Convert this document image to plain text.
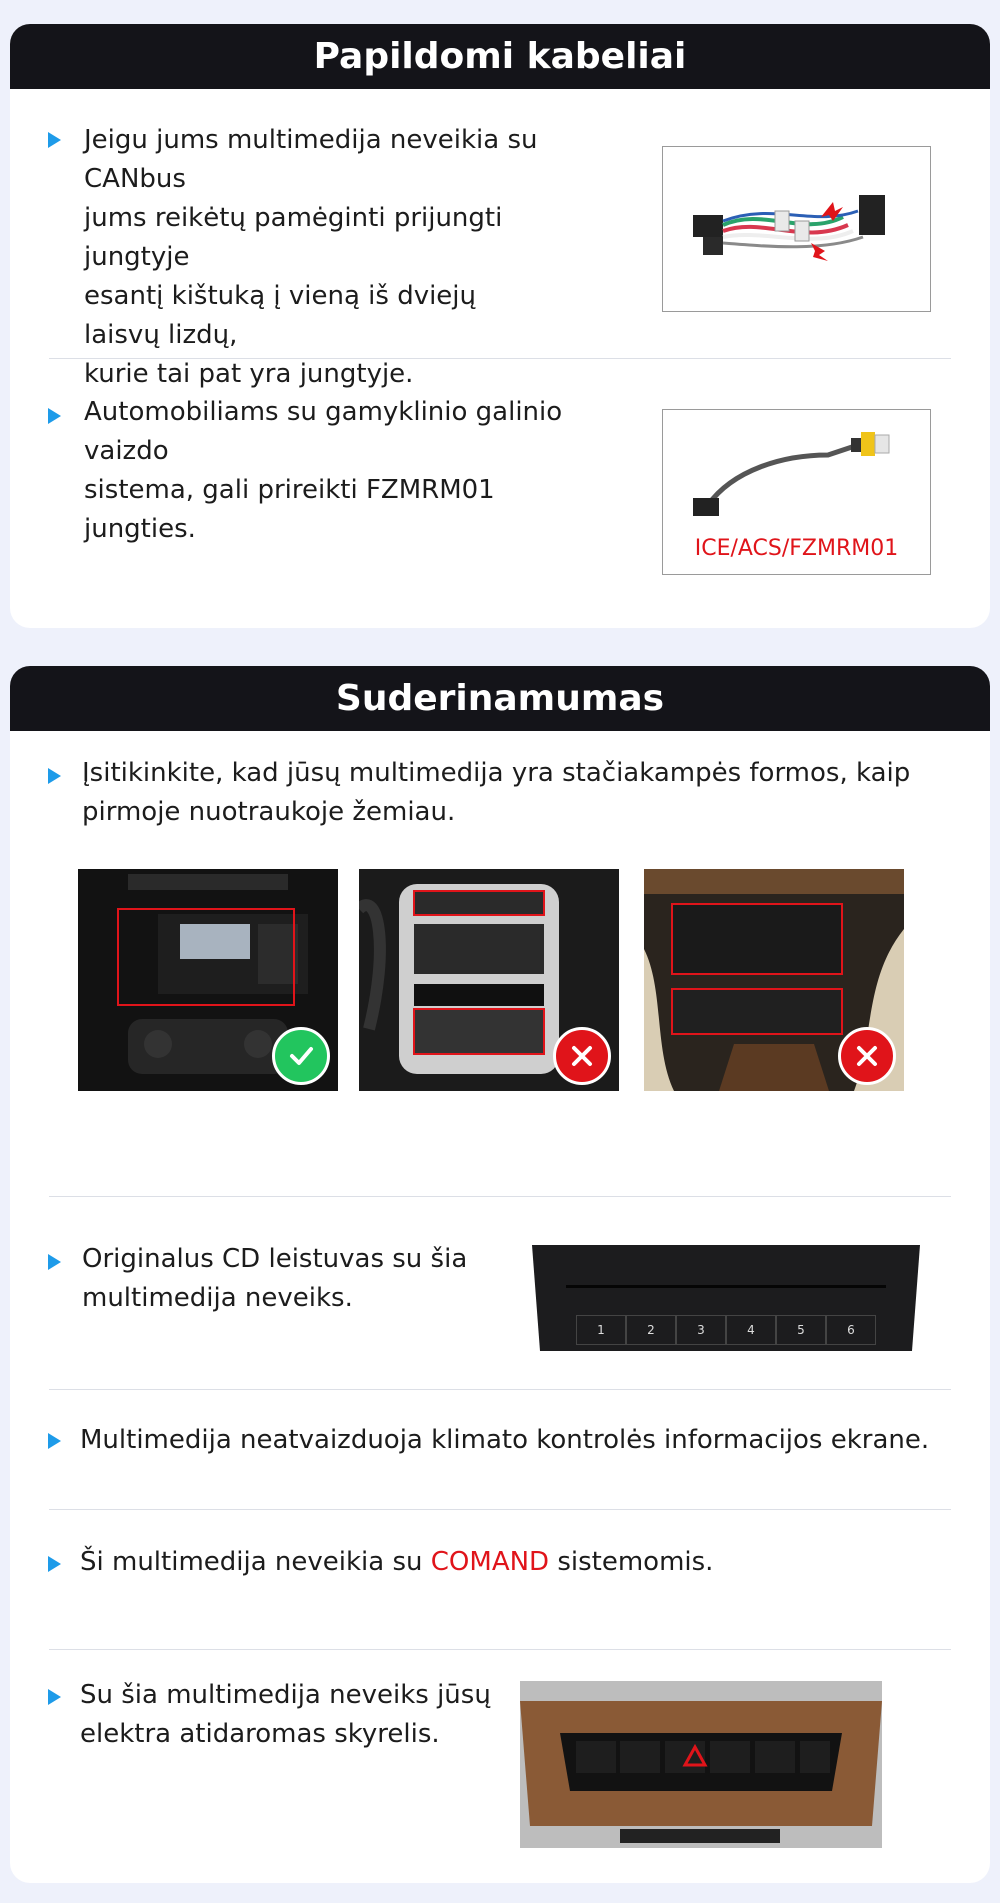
Papildomi kabeliai
Jeigu jums multimedija neveikia su CANbus
jums reikėtų pamėginti prijungti jungtyje
esantį kištuką į vieną iš dviejų laisvų lizdų,
kurie tai pat yra jungtyje.
Automobiliams su gamyklinio galinio vaizdo
sistema, gali prireikti FZMRM01 jungties.
ICE/ACS/FZMRM01
Suderinamumas
Įsitikinkite, kad jūsų multimedija yra stačiakampės formos, kaip
pirmoje nuotraukoje žemiau.
Originalus CD leistuvas su šia
multimedija neveiks.
1	2	3	4	5	6
Multimedija neatvaizduoja klimato kontrolės informacijos ekrane.
Ši multimedija neveikia su COMAND sistemomis.
Su šia multimedija neveiks jūsų
elektra atidaromas skyrelis.
